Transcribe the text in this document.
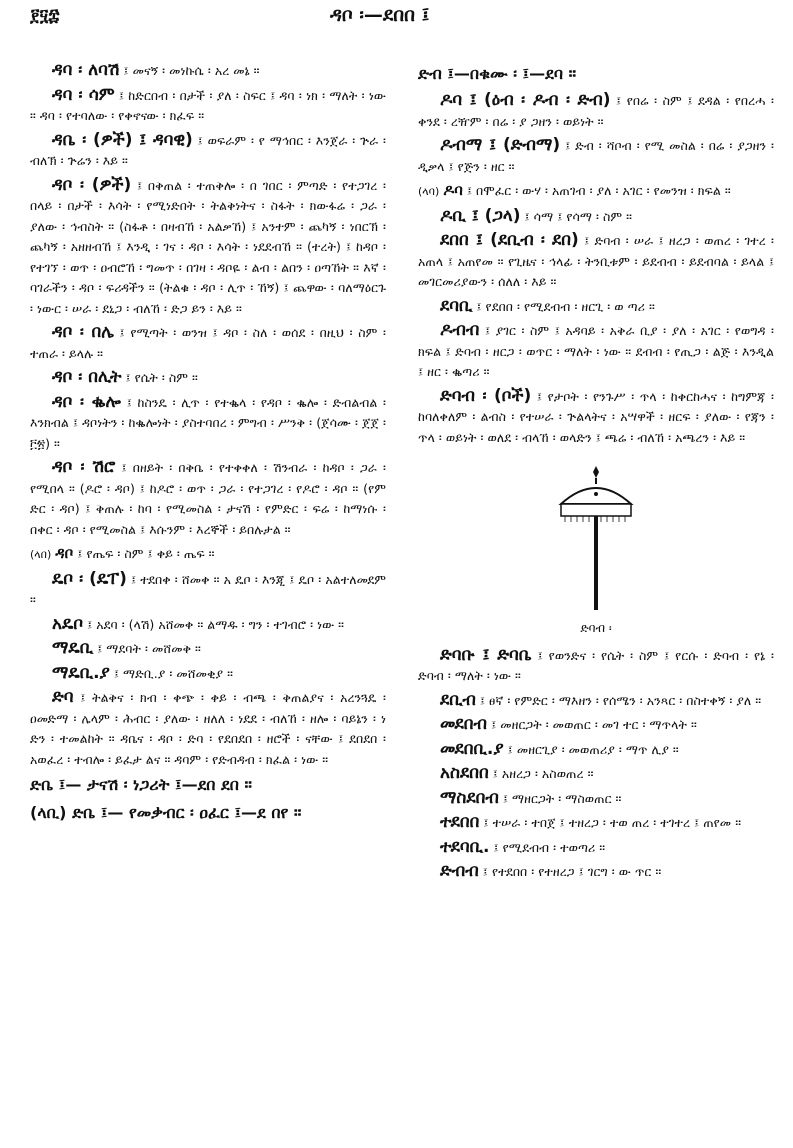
፻፶፰	ዳቦ ፡—ደበበ ፤
ዳባ ፡ ለባሽ ፤ መናኝ ፡ መነኩሴ ፡ አረ መኔ ።
ዳባ ፡ ሳም ፤ ከድርበብ ፡ በታች ፡ ያለ ፡ ስፍር ፤ ዳባ ፡ ነክ ፡ ማለት ፡ ነው ። ዳባ ፡ የተባለው ፡ የቀኖናው ፡ ክፈፍ ።
ዳቤ ፡ (ዎች) ፤ ዳባዊ) ፤ ወፍራም ፡ የ ማኅበር ፡ እንጀራ ፡ ጕራ ፡ ብለኽ ፡ ጕሬን ፡ እይ ።
ዳቦ ፡ (ዎች) ፤ በቅጠል ፡ ተጠቅሎ ፡ በ ገበር ፡ ምጣድ ፡ የተጋገረ ፡ በላይ ፡ በታች ፡ እሳት ፡ የሚነድበት ፡ ትልቅነትና ፡ ስፋት ፡ ክውፋሬ ፡ ጋራ ፡ ያለው ፡ ኅብስት ። (ስፋቶ ፡ በዛብኸ ፡ አልቃኸ) ፤ አንተም ፡ ጨካኝ ፡ ነበርኽ ፡ ጨካኝ ፡ አዘዘብኸ ፤ እንዲ ፡ ገና ፡ ዳቦ ፡ እሳት ፡ ነደደብኸ ። (ተረት) ፤ ከዳቦ ፡ የተገኘ ፡ ወጥ ፡ ዐብሮኸ ፡ ግመጥ ፡ በገዛ ፡ ዳቦዬ ፡ ልብ ፡ ልበን ፡ ዐጣኸት ። እኛ ፡ ባገራችን ፡ ዳቦ ፡ ፍሪዳችን ። (ትልቁ ፡ ዳቦ ፡ ሊጥ ፡ ኸኝ) ፤ ጨዋው ፡ ባለማዕርጉ ፡ ነውር ፡ ሠራ ፡ ደኒጋ ፡ ብለኸ ፡ ድጋ ይን ፡ እይ ።
ዳቦ ፡ በሌ ፤ የሚጣት ፡ ወንዝ ፤ ዳቦ ፡ ስለ ፡ ወሰደ ፡ በዚህ ፡ ስም ፡ ተጠራ ፡ ይላሉ ።
ዳቦ ፡ በሊት ፤ የሴት ፡ ስም ።
ዳቦ ፡ ቈሎ ፤ ከስንዴ ፡ ሊጥ ፡ የተቈላ ፡ የዳቦ ፡ ቈሎ ፡ ድብልብል ፡ እንክብል ፤ ዳቦነትን ፡ ከቈሎነት ፡ ያስተባበረ ፡ ምግብ ፡ ሥንቅ ፡ (ጀሳሙ ፡ ጀጀ ፡ ፫፳) ።
ዳቦ ፡ ሽሮ ፤ በዘይት ፡ በቅቤ ፡ የተቀቀለ ፡ ሽንብራ ፡ ከዳቦ ፡ ጋራ ፡ የሚበላ ። (ዶሮ ፡ ዳቦ) ፤ ከዶሮ ፡ ወጥ ፡ ጋራ ፡ የተጋገረ ፡ የዶሮ ፡ ዳቦ ። (የም ድር ፡ ዳቦ) ፤ ቅጠሉ ፡ ከባ ፡ የሚመስል ፡ ታናሽ ፡ የምድር ፡ ፍሬ ፡ ከማነሱ ፡ በቀር ፡ ዳቦ ፡ የሚመስል ፤ እሱንም ፡ እረኞች ፡ ይበሉታል ።
(ላበ) ዳቦ ፤ የጤፍ ፡ ስም ፤ ቀይ ፡ ጤፍ ።
ዴቦ ፡ (ዴፐ) ፤ ተደበቀ ፡ ሸመቀ ። አ ዴቦ ፡ እንጂ ፤ ዴቦ ፡ አልተለመደም ።
አዴቦ ፤ አደባ ፡ (ላሽ) አሸመቀ ። ልማዱ ፡ ግን ፡ ተገብሮ ፡ ነው ።
ማዴቢ ፤ ማደባት ፡ መሸመቅ ።
ማዴቢ.ያ ፤ ማድቢ.ያ ፡ መሸመቂያ ።
ድባ ፤ ትልቅና ፡ ክብ ፡ ቀጭ ፡ ቀይ ፡ ብጫ ፡ ቅጠልያና ፡ አረንጓዴ ፡ ዐመድማ ፡ ሌላም ፡ ሕብር ፡ ያለው ፡ ዘለለ ፡ ነደደ ፡ ብለኸ ፡ ዘሎ ፡ ባይኔን ፡ ነ ድን ፡ ተመልከት ። ዳቤና ፡ ዳቦ ፡ ድባ ፡ የደበደበ ፡ ዘሮች ፡ ናቸው ፤ ደበደበ ፡ አወፈረ ፡ ተብሎ ፡ ይፈታ ልና ። ዳባም ፡ የድብዳብ ፡ ክፈል ፡ ነው ።
ድቤ ፤— ታናሽ ፡ ነጋሪት ፤—ደበ ደበ ።
(ላቢ) ድቤ ፤— የመቃብር ፡ ዐፈር ፤—ደ በየ ።
ድብ ፤—በቁሙ ፡ ፤—ደባ ።
ዶባ ፤ (ዕብ ፡ ዶብ ፡ ድብ) ፤ የበሬ ፡ ስም ፤ ደዳል ፡ የበረሓ ፡ ቀንደ ፡ ረዥም ፡ በሬ ፡ ያ ጋዘን ፡ ወይነት ።
ዶብማ ፤ (ድብማ) ፤ ድብ ፡ ሻቦብ ፡ የሚ መስል ፡ በሬ ፡ ያጋዘን ፡ ዲቃላ ፤ የጅን ፡ ዘር ።
(ላባ) ዶባ ፤ በሞፈር ፡ ውሃ ፡ አጠገብ ፡ ያለ ፡ አገር ፡ የመንዝ ፡ ክፍል ።
ዶቢ ፤ (ጋላ) ፤ ሳማ ፤ የሳማ ፡ ስም ።
ደበበ ፤ (ደቢብ ፡ ደበ) ፤ ድባብ ፡ ሠራ ፤ ዘረጋ ፡ ወጠረ ፡ ገተረ ፡ አጠላ ፤ አጠየመ ። የጊዜና ፡ ኅላፊ ፡ ትንቢቱም ፡ ይደብብ ፡ ይደብባል ፡ ይላል ፤ መገርመሪያውን ፡ ሰለለ ፡ እይ ።
ደባቢ ፤ የደበበ ፡ የሚደብብ ፡ ዘርጊ ፡ ወ ጣሪ ።
ዶብብ ፤ ያገር ፡ ስም ፤ አዳባይ ፡ አቅራ ቢያ ፡ ያለ ፡ አገር ፡ የወግዳ ፡ ክፍል ፤ ድባብ ፡ ዘርጋ ፡ ወጥር ፡ ማለት ፡ ነው ። ደብብ ፡ የጢጋ ፡ ልጅ ፡ እንዲል ፤ ዘር ፡ ቈጣሪ ።
ድባብ ፡ (ቦች) ፤ የታቦት ፡ የንጉሥ ፡ ጥላ ፡ ከቀርከሓና ፡ ከግምጃ ፡ ከባለቀለም ፡ ልብስ ፡ የተሠራ ፡ ጕልላትና ፡ አሣዋች ፡ ዘርፍ ፡ ያለው ፡ የጃን ፡ ጥላ ፡ ወይነት ፡ ወለደ ፡ ብላኸ ፡ ወላድን ፤ ጫሬ ፡ ብለኸ ፡ አጫረን ፡ እይ ።
ድባብ ፡
ድባቡ ፤ ድባቤ ፤ የወንድና ፡ የሴት ፡ ስም ፤ የርሱ ፡ ድባብ ፡ የኔ ፡ ድባብ ፡ ማለት ፡ ነው ።
ደቢብ ፤ ፀኛ ፡ የምድር ፡ ማእዘን ፡ የሰሜን ፡ አንጻር ፡ በስተቀኝ ፡ ያለ ።
መደበብ ፤ መዘርጋት ፡ መወጠር ፡ መገ ተር ፡ ማጥላት ።
መደበቢ.ያ ፤ መዘርጊያ ፡ መወጠሪያ ፡ ማጥ ሊያ ።
አስደበበ ፤ አዘረጋ ፡ አስወጠረ ።
ማስደበብ ፤ ማዘርጋት ፡ ማስወጠር ።
ተደበበ ፤ ተሠራ ፡ ተበጀ ፤ ተዘረጋ ፡ ተወ ጠረ ፡ ተገተረ ፤ ጠየመ ።
ተደባቢ. ፤ የሚደብብ ፡ ተወጣሪ ።
ድብብ ፤ የተደበበ ፡ የተዘረጋ ፤ ገርግ ፡ ው ጥር ።
